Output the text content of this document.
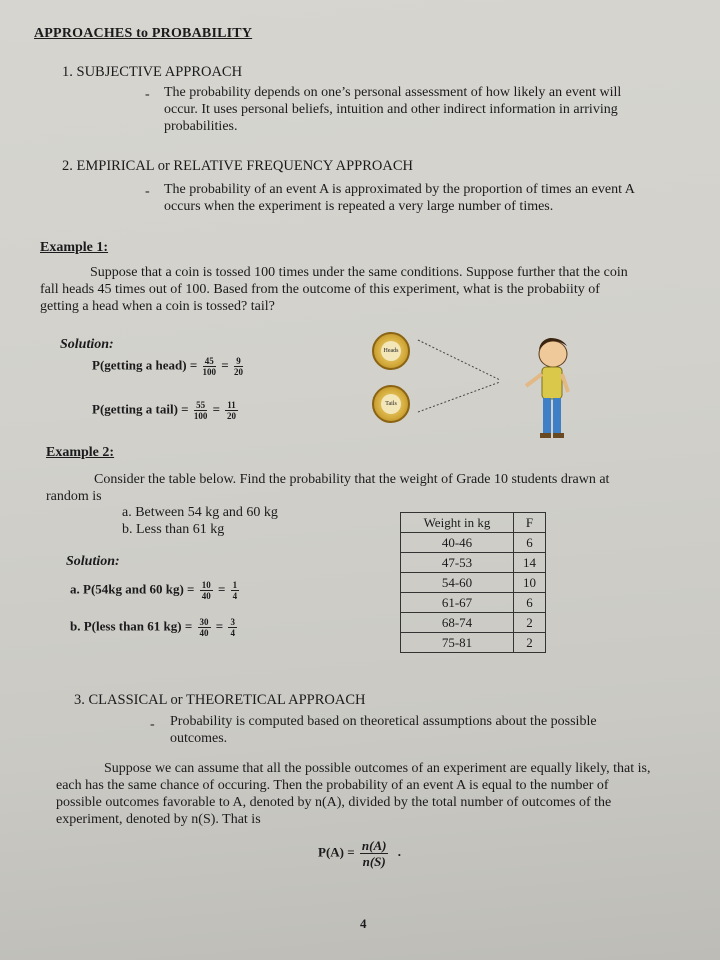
APPROACHES to PROBABILITY
1. SUBJECTIVE APPROACH
- The probability depends on one’s personal assessment of how likely an event will
occur. It uses personal beliefs, intuition and other indirect information in arriving
probabilities.
2. EMPIRICAL or RELATIVE FREQUENCY APPROACH
- The probability of an event A is approximated by the proportion of times an event A
occurs when the experiment is repeated a very large number of times.
Example 1:
Suppose that a coin is tossed 100 times under the same conditions. Suppose further that the coin
fall heads 45 times out of 100. Based from the outcome of this experiment, what is the probabiity of
getting a head when a coin is tossed? tail?
Solution:
P(getting a head) = $\frac{45}{100} = \frac{9}{20}$
P(getting a tail) = $\frac{55}{100} = \frac{11}{20}$
Heads
Tails
Example 2:
Consider the table below. Find the probability that the weight of Grade 10 students drawn at
random is
a. Between 54 kg and 60 kg
b. Less than 61 kg
Solution:
a. P(54kg and 60 $kg) = \frac{10}{40} = \frac{1}{4}$
b. P(less than 61 $kg) = \frac{30}{40} = \frac{3}{4}$
Weight in kg	F
40-46	6
47-53	14
54-60	10
61-67	6
68-74	2
75-81	2
3. CLASSICAL or THEORETICAL APPROACH
- Probability is computed based on theoretical assumptions about the possible
outcomes.
Suppose we can assume that all the possible outcomes of an experiment are equally likely, that is,
each has the same chance of occuring. Then the probability of an event A is equal to the number of
possible outcomes favorable to A, denoted by n(A), divided by the total number of outcomes of the
experiment, denoted by n(S). That is
$P(A) = \frac{n(A)}{n(S)}$ .
4
